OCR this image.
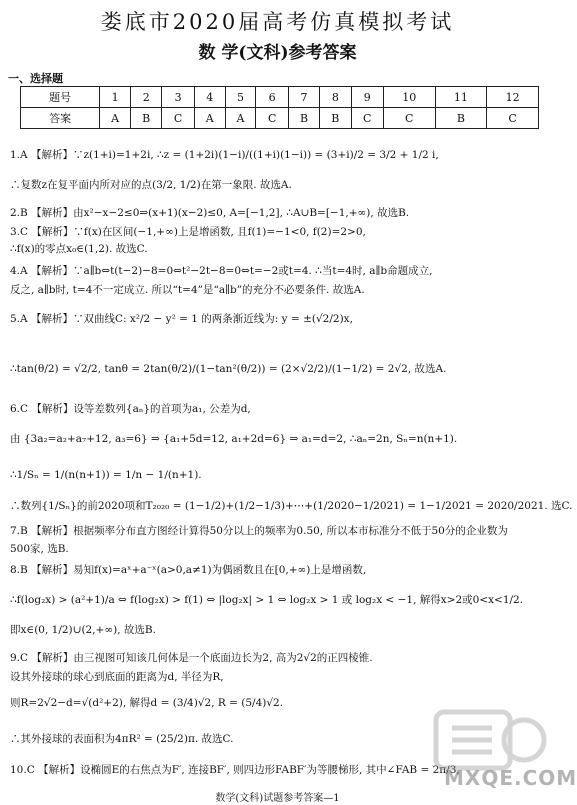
娄底市2020届高考仿真模拟考试
数 学(文科)参考答案
一、选择题
题号	1	2	3	4	5	6	7	8	9	10	11	12
答案	A	B	C	A	A	C	B	B	C	C	B	C
1.A 【解析】∵z(1+i)=1+2i, ∴z = (1+2i)(1−i)/((1+i)(1−i)) = (3+i)/2 = 3/2 + 1/2 i,
∴复数z在复平面内所对应的点(3/2, 1/2)在第一象限. 故选A.
2.B 【解析】由x²−x−2≤0⇒(x+1)(x−2)≤0, A=[−1,2], ∴A∪B=[−1,+∞), 故选B.
3.C 【解析】∵f(x)在区间(−1,+∞)上是增函数, 且f(1)=−1<0, f(2)=2>0,
∴f(x)的零点x₀∈(1,2). 故选C.
4.A 【解析】∵a∥b⇔t(t−2)−8=0⇔t²−2t−8=0⇔t=−2或t=4. ∴当t=4时, a∥b命题成立,
反之, a∥b时, t=4不一定成立. 所以“t=4”是“a∥b”的充分不必要条件. 故选A.
5.A 【解析】∵双曲线C: x²/2 − y² = 1 的两条渐近线为: y = ±(√2/2)x,
∴tan(θ/2) = √2/2, tanθ = 2tan(θ/2)/(1−tan²(θ/2)) = (2×√2/2)/(1−1/2) = 2√2, 故选A.
6.C 【解析】设等差数列{aₙ}的首项为a₁, 公差为d,
由 {3a₂=a₂+a₇+12, a₃=6} ⇒ {a₁+5d=12, a₁+2d=6} ⇒ a₁=d=2, ∴aₙ=2n, Sₙ=n(n+1).
∴1/Sₙ = 1/(n(n+1)) = 1/n − 1/(n+1).
∴数列{1/Sₙ}的前2020项和T₂₀₂₀ = (1−1/2)+(1/2−1/3)+⋯+(1/2020−1/2021) = 1−1/2021 = 2020/2021. 选C.
7.B 【解析】根据频率分布直方图经计算得50分以上的频率为0.50, 所以本市标准分不低于50分的企业数为
500家, 选B.
8.B 【解析】易知f(x)=aˣ+a⁻ˣ(a>0,a≠1)为偶函数且在[0,+∞)上是增函数,
∴f(log₂x) > (a²+1)/a ⇔ f(log₂x) > f(1) ⇔ |log₂x| > 1 ⇔ log₂x > 1 或 log₂x < −1, 解得x>2或0<x<1/2.
即x∈(0, 1/2)∪(2,+∞), 故选B.
9.C 【解析】由三视图可知该几何体是一个底面边长为2, 高为2√2的正四棱锥.
设其外接球的球心到底面的距离为d, 半径为R,
则R=2√2−d=√(d²+2), 解得d = (3/4)√2, R = (5/4)√2.
∴其外接球的表面积为4πR² = (25/2)π. 故选C.
10.C 【解析】设椭圆E的右焦点为F′, 连接BF′, 则四边形FABF′为等腰梯形, 其中∠FAB = 2π/3,
MXQE.COM
数学(文科)试题参考答案—1
